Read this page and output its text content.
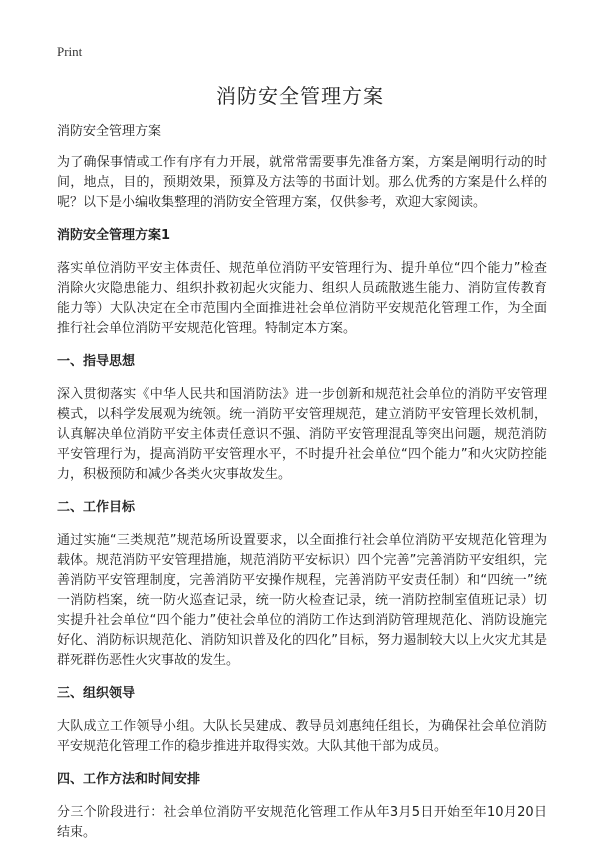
Print
消防安全管理方案

消防安全管理方案

为了确保事情或工作有序有力开展，就常常需要事先准备方案，方案是阐明行动的时间，地点，目的，预期效果，预算及方法等的书面计划。那么优秀的方案是什么样的呢？以下是小编收集整理的消防安全管理方案，仅供参考，欢迎大家阅读。

消防安全管理方案1

落实单位消防平安主体责任、规范单位消防平安管理行为、提升单位“四个能力”检查消除火灾隐患能力、组织扑救初起火灾能力、组织人员疏散逃生能力、消防宣传教育能力等）大队决定在全市范围内全面推进社会单位消防平安规范化管理工作，为全面推行社会单位消防平安规范化管理。特制定本方案。

一、指导思想

深入贯彻落实《中华人民共和国消防法》进一步创新和规范社会单位的消防平安管理模式，以科学发展观为统领。统一消防平安管理规范，建立消防平安管理长效机制，认真解决单位消防平安主体责任意识不强、消防平安管理混乱等突出问题，规范消防平安管理行为，提高消防平安管理水平，不时提升社会单位“四个能力”和火灾防控能力，积极预防和减少各类火灾事故发生。

二、工作目标

通过实施“三类规范”规范场所设置要求，以全面推行社会单位消防平安规范化管理为载体。规范消防平安管理措施，规范消防平安标识）四个完善”完善消防平安组织，完善消防平安管理制度，完善消防平安操作规程，完善消防平安责任制）和“四统一”统一消防档案，统一防火巡查记录，统一防火检查记录，统一消防控制室值班记录）切实提升社会单位“四个能力”使社会单位的消防工作达到消防管理规范化、消防设施完好化、消防标识规范化、消防知识普及化的四化”目标，努力遏制较大以上火灾尤其是群死群伤恶性火灾事故的发生。

三、组织领导

大队成立工作领导小组。大队长吴建成、教导员刘惠纯任组长，为确保社会单位消防平安规范化管理工作的稳步推进并取得实效。大队其他干部为成员。

四、工作方法和时间安排

分三个阶段进行：社会单位消防平安规范化管理工作从年3月5日开始至年10月20日结束。
